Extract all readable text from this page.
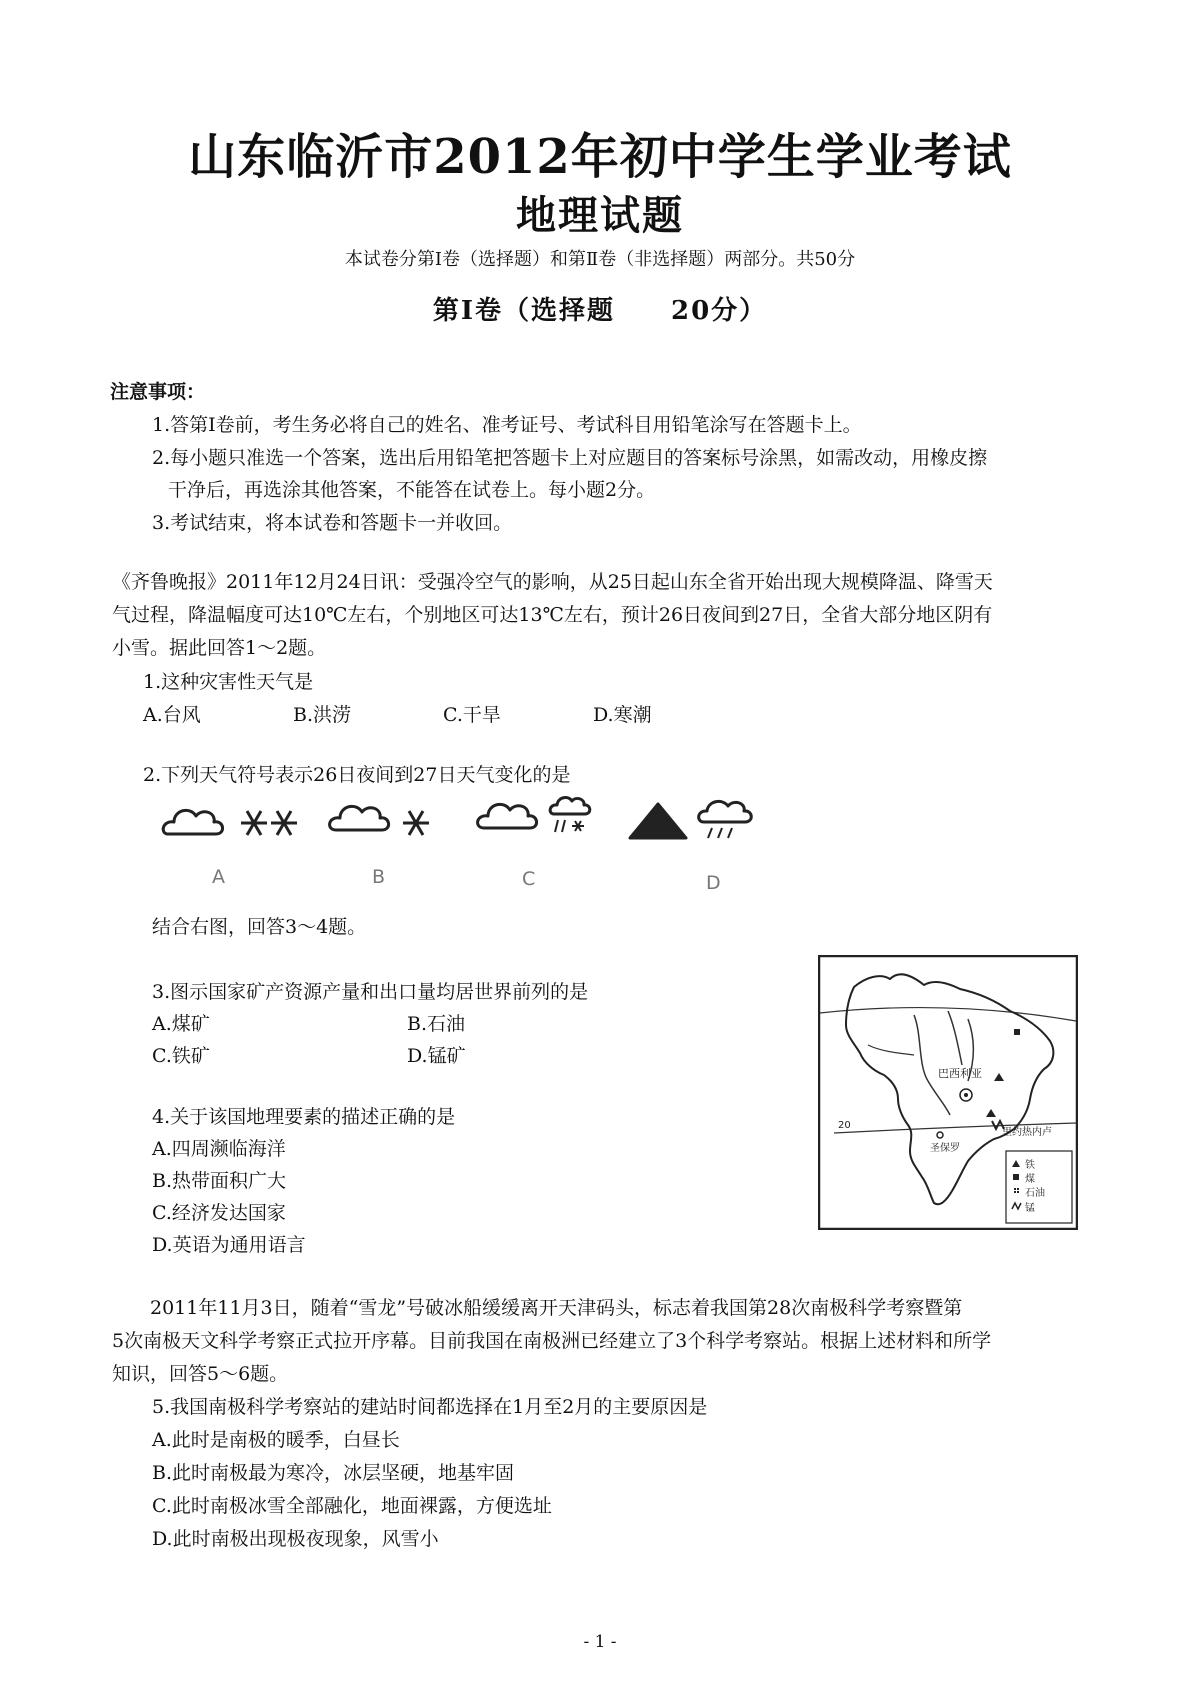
山东临沂市2012年初中学生学业考试
地理试题
本试卷分第Ⅰ卷（选择题）和第Ⅱ卷（非选择题）两部分。共50分
第Ⅰ卷（选择题　　20分）
注意事项：
1.答第Ⅰ卷前，考生务必将自己的姓名、准考证号、考试科目用铅笔涂写在答题卡上。
2.每小题只准选一个答案，选出后用铅笔把答题卡上对应题目的答案标号涂黑，如需改动，用橡皮擦
干净后，再选涂其他答案，不能答在试卷上。每小题2分。
3.考试结束，将本试卷和答题卡一并收回。
《齐鲁晚报》2011年12月24日讯：受强冷空气的影响，从25日起山东全省开始出现大规模降温、降雪天
气过程，降温幅度可达10℃左右，个别地区可达13℃左右，预计26日夜间到27日，全省大部分地区阴有
小雪。据此回答1～2题。
1.这种灾害性天气是
A.台风	B.洪涝	C.干旱	D.寒潮
2.下列天气符号表示26日夜间到27日天气变化的是
A	B	C	D
结合右图，回答3～4题。
3.图示国家矿产资源产量和出口量均居世界前列的是
A.煤矿	B.石油
C.铁矿	D.锰矿
4.关于该国地理要素的描述正确的是
A.四周濒临海洋
B.热带面积广大
C.经济发达国家
D.英语为通用语言
巴西利亚
20
里约热内卢
圣保罗
铁
煤
石油
锰
2011年11月3日，随着“雪龙”号破冰船缓缓离开天津码头，标志着我国第28次南极科学考察暨第
5次南极天文科学考察正式拉开序幕。目前我国在南极洲已经建立了3个科学考察站。根据上述材料和所学
知识，回答5～6题。
5.我国南极科学考察站的建站时间都选择在1月至2月的主要原因是
A.此时是南极的暖季，白昼长
B.此时南极最为寒冷，冰层坚硬，地基牢固
C.此时南极冰雪全部融化，地面裸露，方便选址
D.此时南极出现极夜现象，风雪小
- 1 -
